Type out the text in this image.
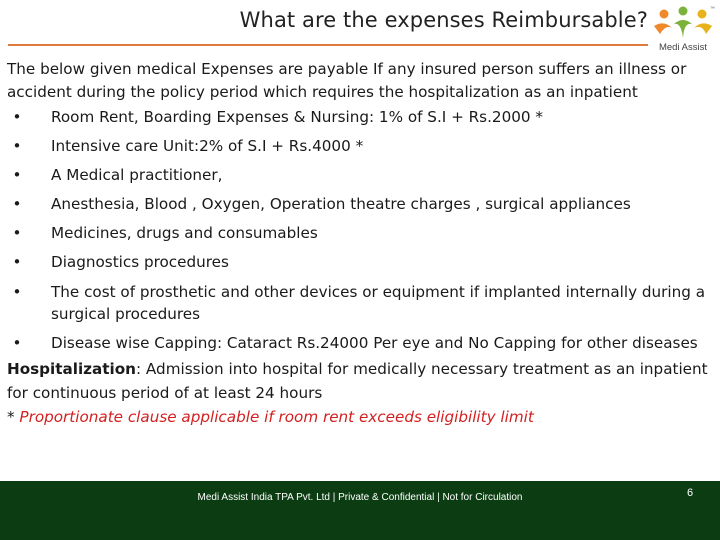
What are the expenses Reimbursable?	™
Medi Assist

The below given medical Expenses are payable If any insured person suffers an illness or accident during the policy period which requires the hospitalization as an inpatient

•	Room Rent, Boarding Expenses & Nursing: 1% of S.I + Rs.2000 *
•	Intensive care Unit:2% of S.I + Rs.4000 *
•	A Medical practitioner,
•	Anesthesia, Blood , Oxygen, Operation theatre charges , surgical appliances
•	Medicines, drugs and consumables
•	Diagnostics procedures
•	The cost of prosthetic and other devices or equipment if implanted internally during a surgical procedures
•	Disease wise Capping: Cataract Rs.24000 Per eye and No Capping for other diseases

Hospitalization: Admission into hospital for medically necessary treatment as an inpatient for continuous period of at least 24 hours

* Proportionate clause applicable if room rent exceeds eligibility limit

6
Medi Assist India TPA Pvt. Ltd | Private & Confidential | Not for Circulation
